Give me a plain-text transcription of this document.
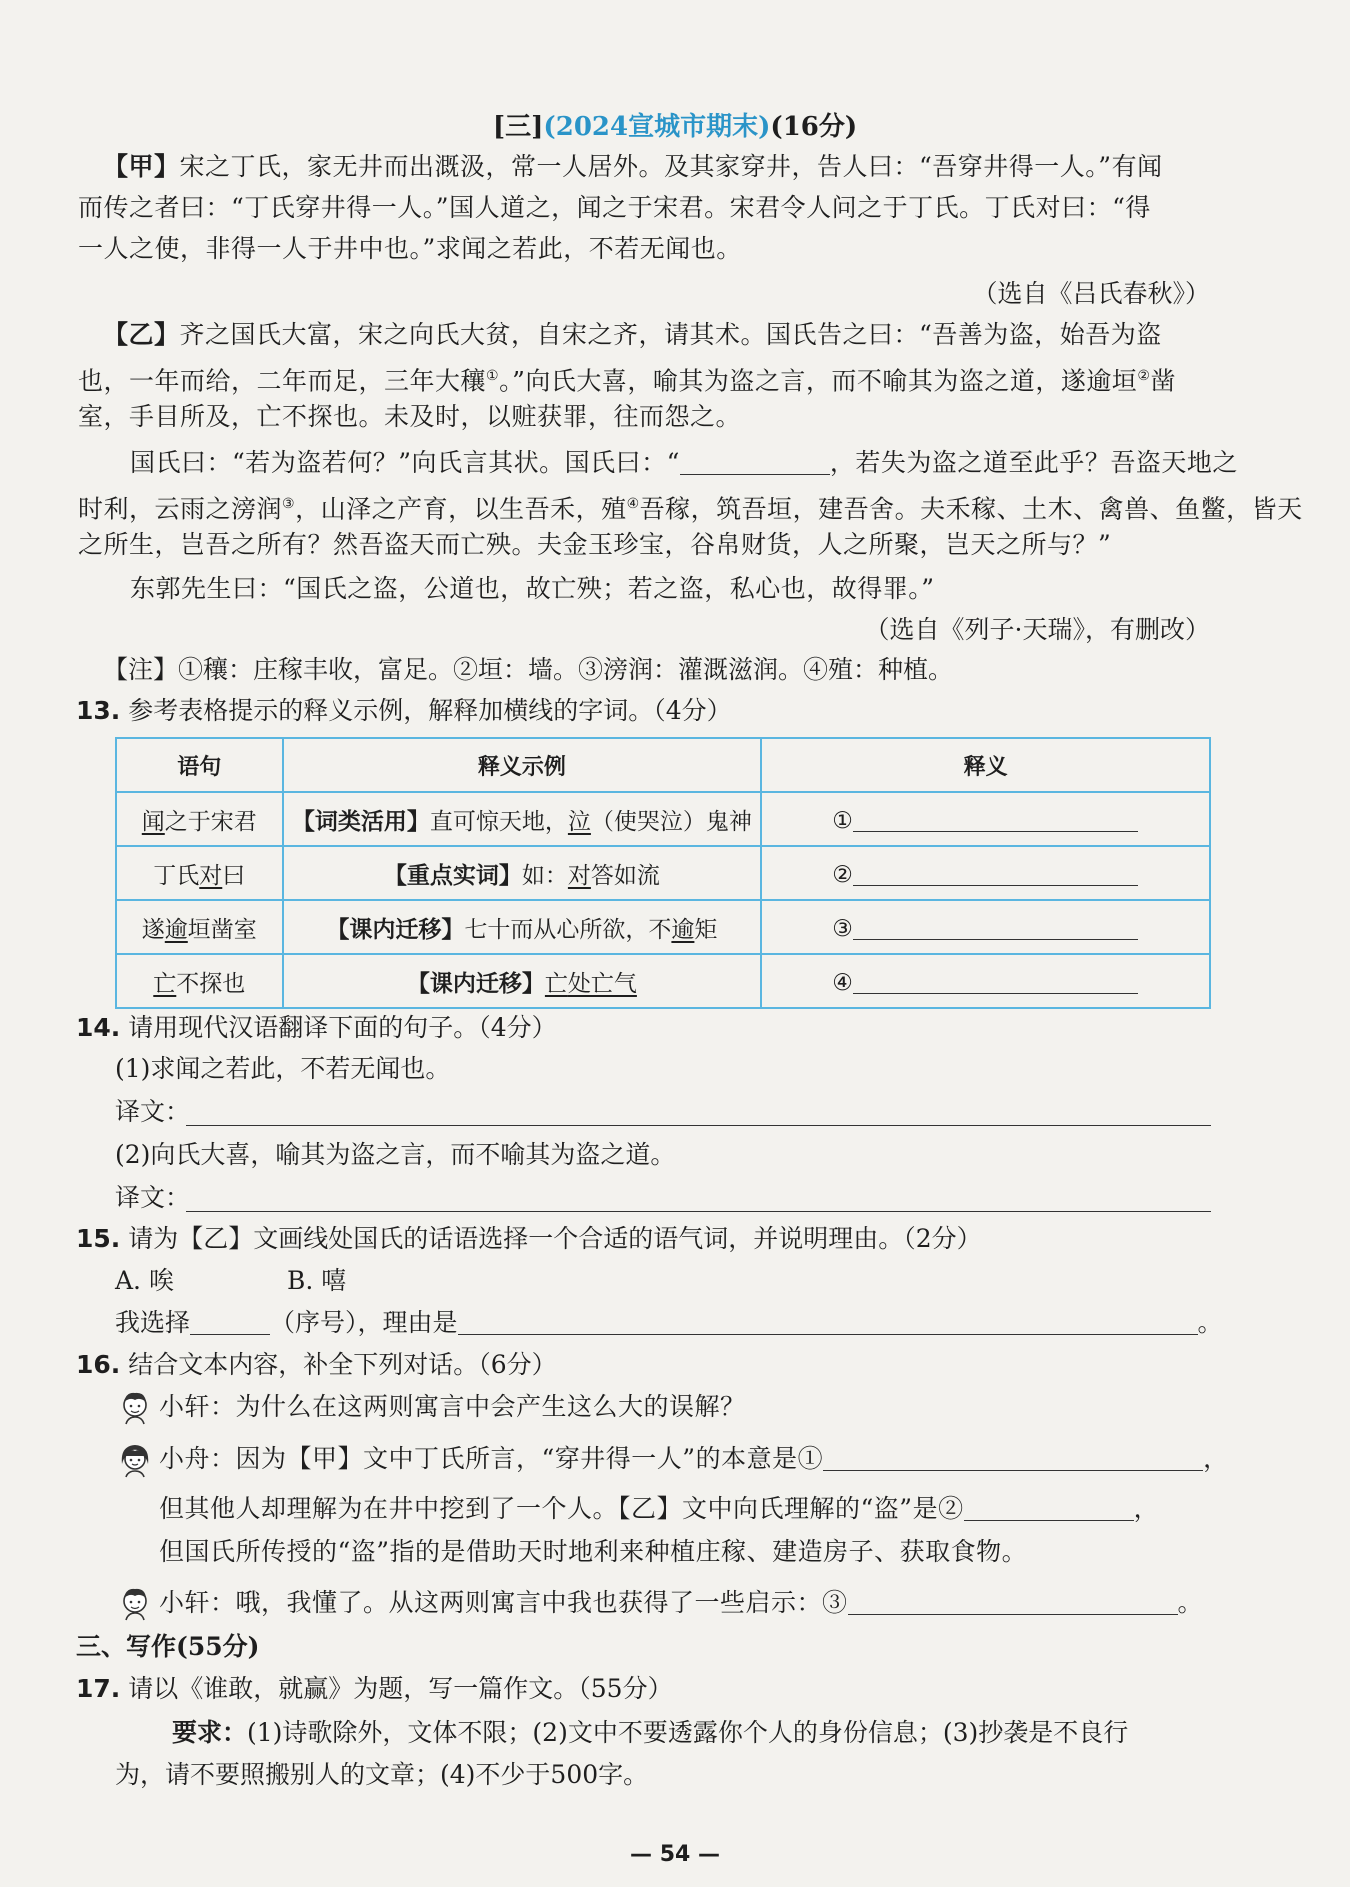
[三](2024宣城市期末)(16分)
【甲】宋之丁氏，家无井而出溉汲，常一人居外。及其家穿井，告人曰：“吾穿井得一人。”有闻
而传之者曰：“丁氏穿井得一人。”国人道之，闻之于宋君。宋君令人问之于丁氏。丁氏对曰：“得
一人之使，非得一人于井中也。”求闻之若此，不若无闻也。
（选自《吕氏春秋》）
【乙】齐之国氏大富，宋之向氏大贫，自宋之齐，请其术。国氏告之曰：“吾善为盗，始吾为盗
也，一年而给，二年而足，三年大穰①。”向氏大喜，喻其为盗之言，而不喻其为盗之道，遂逾垣②凿
室，手目所及，亡不探也。未及时，以赃获罪，往而怨之。
国氏曰：“若为盗若何？”向氏言其状。国氏曰：“	，若失为盗之道至此乎？吾盗天地之
时利，云雨之滂润③，山泽之产育，以生吾禾，殖④吾稼，筑吾垣，建吾舍。夫禾稼、土木、禽兽、鱼鳖，皆天
之所生，岂吾之所有？然吾盗天而亡殃。夫金玉珍宝，谷帛财货，人之所聚，岂天之所与？”
东郭先生曰：“国氏之盗，公道也，故亡殃；若之盗，私心也，故得罪。”
（选自《列子·天瑞》，有删改）
【注】①穰：庄稼丰收，富足。②垣：墙。③滂润：灌溉滋润。④殖：种植。
13. 参考表格提示的释义示例，解释加横线的字词。（4分）
语句	释义示例	释义
闻之于宋君	【词类活用】直可惊天地，泣（使哭泣）鬼神	①
丁氏对曰	【重点实词】如：对答如流	②
遂逾垣凿室	【课内迁移】七十而从心所欲，不逾矩	③
亡不探也	【课内迁移】亡处亡气	④
14. 请用现代汉语翻译下面的句子。（4分）
(1)求闻之若此，不若无闻也。
译文：
(2)向氏大喜，喻其为盗之言，而不喻其为盗之道。
译文：
15. 请为【乙】文画线处国氏的话语选择一个合适的语气词，并说明理由。（2分）
A. 唉	B. 嘻
我选择	（序号），理由是	。
16. 结合文本内容，补全下列对话。（6分）
小轩：为什么在这两则寓言中会产生这么大的误解？
小舟：因为【甲】文中丁氏所言，“穿井得一人”的本意是①	，
但其他人却理解为在井中挖到了一个人。【乙】文中向氏理解的“盗”是②	，
但国氏所传授的“盗”指的是借助天时地利来种植庄稼、建造房子、获取食物。
小轩：哦，我懂了。从这两则寓言中我也获得了一些启示：③	。
三、写作(55分)
17. 请以《谁敢，就赢》为题，写一篇作文。（55分）
要求：(1)诗歌除外，文体不限；(2)文中不要透露你个人的身份信息；(3)抄袭是不良行
为，请不要照搬别人的文章；(4)不少于500字。
— 54 —
